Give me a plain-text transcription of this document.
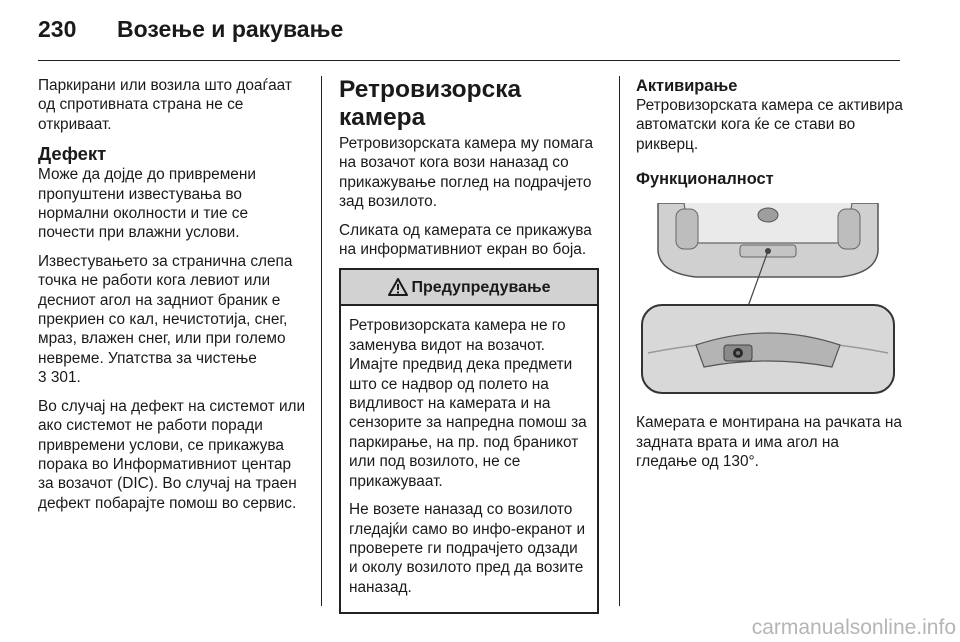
230 Возење и ракување

Паркирани или возила што доаѓаат од спротивната страна не се откриваат.

Дефект

Може да дојде до привремени пропуштени известувања во нормални околности и тие се почести при влажни услови.

Известувањето за странична слепа точка не работи кога левиот или десниот агол на задниот браник е прекриен со кал, нечистотија, снег, мраз, влажен снег, или при големо невреме. Упатства за чистење
3 301.

Во случај на дефект на системот или ако системот не работи поради привремени услови, се прикажува порака во Информативниот центар за возачот (DIC). Во случај на траен дефект побарајте помош во сервис.

Ретровизорска камера

Ретровизорската камера му помага на возачот кога вози наназад со прикажување поглед на подрачјето зад возилото.

Сликата од камерата се прикажува на информативниот екран во боја.

Предупредување

Ретровизорската камера не го заменува видот на возачот. Имајте предвид дека предмети што се надвор од полето на видливост на камерата и на сензорите за напредна помош за паркирање, на пр. под браникот или под возилото, не се прикажуваат.

Не возете наназад со возилото гледајќи само во инфо-екранот и проверете ги подрачјето одзади и околу возилото пред да возите наназад.

Активирање

Ретровизорската камера се активира автоматски кога ќе се стави во рикверц.

Функционалност

Камерата е монтирана на рачката на задната врата и има агол на гледање од 130°.

carmanualsonline.info
